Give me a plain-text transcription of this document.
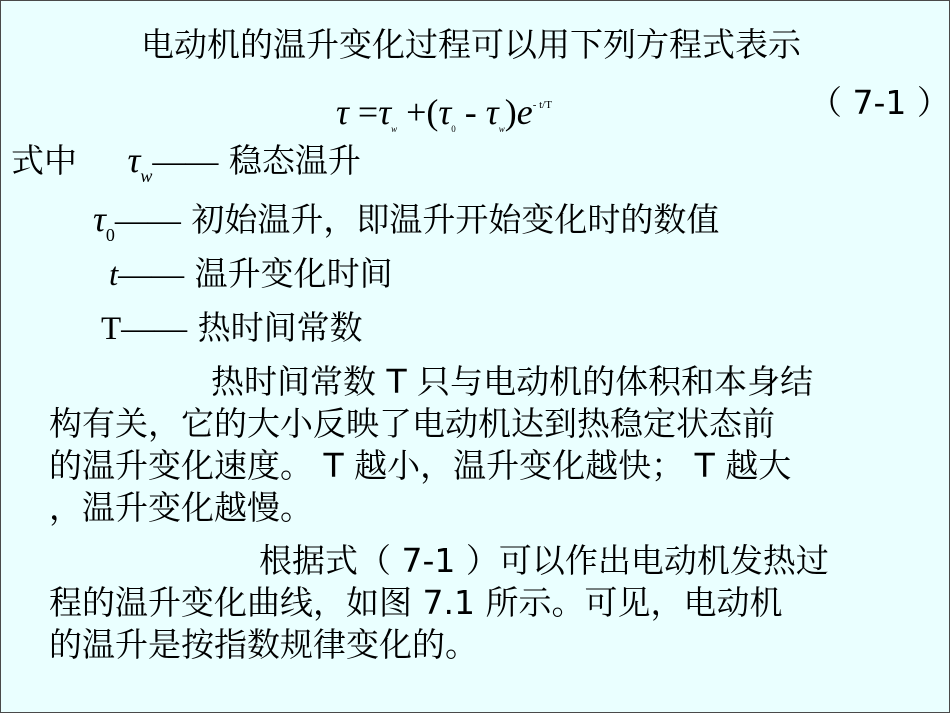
电动机的温升变化过程可以用下列方程式表示
$\tau =\tau_w +(\tau_0 - \tau_w)e^{- t/T}$	（ 7-1 ）
式中 $\tau_w——$ 稳态温升
$\tau_0——$ 初始温升，即温升开始变化时的数值
t—— 温升变化时间
T—— 热时间常数
热时间常数 T 只与电动机的体积和本身结
构有关，它的大小反映了电动机达到热稳定状态前
的温升变化速度。 T 越小，温升变化越快； T 越大
，温升变化越慢。
根据式（ 7-1 ）可以作出电动机发热过
程的温升变化曲线，如图 7.1 所示。可见，电动机
的温升是按指数规律变化的。
